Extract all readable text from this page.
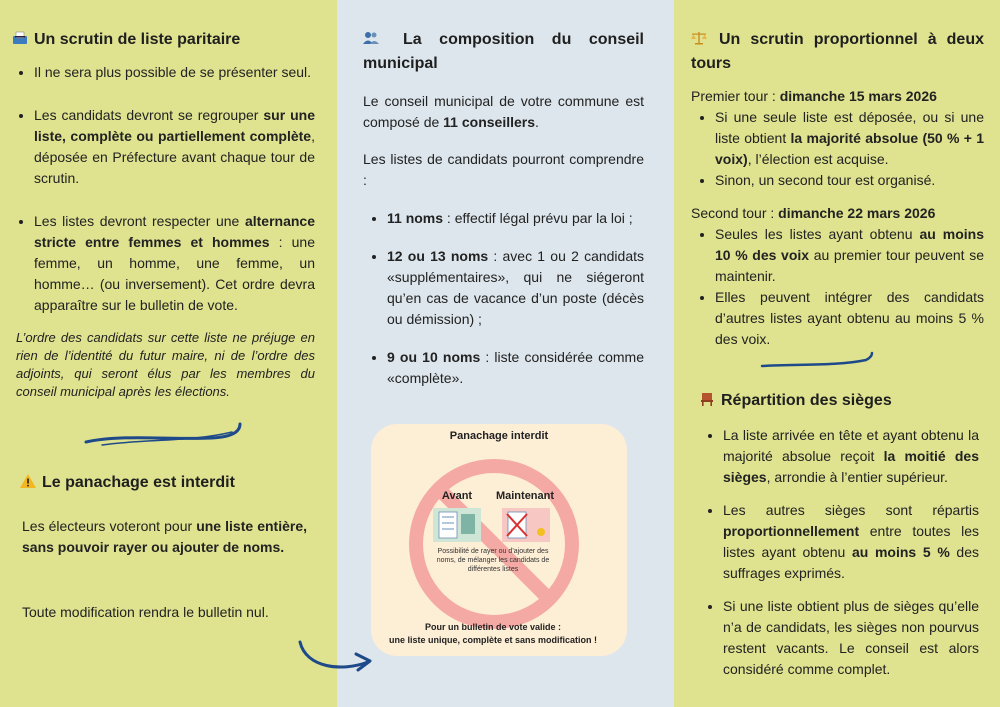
Un scrutin de liste paritaire
• Il ne sera plus possible de se présenter seul.
• Les candidats devront se regrouper sur une liste, complète ou partiellement complète, déposée en Préfecture avant chaque tour de scrutin.
• Les listes devront respecter une alternance stricte entre femmes et hommes : une femme, un homme, une femme, un homme… (ou inversement). Cet ordre devra apparaître sur le bulletin de vote.

L’ordre des candidats sur cette liste ne préjuge en rien de l’identité du futur maire, ni de l’ordre des adjoints, qui seront élus par les membres du conseil municipal après les élections.

Le panachage est interdit

Les électeurs voteront pour une liste entière, sans pouvoir rayer ou ajouter de noms.

Toute modification rendra le bulletin nul.

La composition du conseil municipal

Le conseil municipal de votre commune est composé de 11 conseillers.

Les listes de candidats pourront comprendre :

• 11 noms : effectif légal prévu par la loi ;
• 12 ou 13 noms : avec 1 ou 2 candidats «supplémentaires», qui ne siégeront qu’en cas de vacance d’un poste (décès ou démission) ;
• 9 ou 10 noms : liste considérée comme «complète».
Panachage interdit
Avant Maintenant
Possibilité de rayer ou d’ajouter des
noms, de mélanger les candidats de
différentes listes
Pour un bulletin de vote valide :
une liste unique, complète et sans modification !
Un scrutin proportionnel à deux tours

Premier tour : dimanche 15 mars 2026

• Si une seule liste est déposée, ou si une liste obtient la majorité absolue (50 % + 1 voix), l’élection est acquise.
• Sinon, un second tour est organisé.

Second tour : dimanche 22 mars 2026

• Seules les listes ayant obtenu au moins 10 % des voix au premier tour peuvent se maintenir.
• Elles peuvent intégrer des candidats d’autres listes ayant obtenu au moins 5 % des voix.
Répartition des sièges
• La liste arrivée en tête et ayant obtenu la majorité absolue reçoit la moitié des sièges, arrondie à l’entier supérieur.
• Les autres sièges sont répartis proportionnellement entre toutes les listes ayant obtenu au moins 5 % des suffrages exprimés.
• Si une liste obtient plus de sièges qu’elle n’a de candidats, les sièges non pourvus restent vacants. Le conseil est alors considéré comme complet.
